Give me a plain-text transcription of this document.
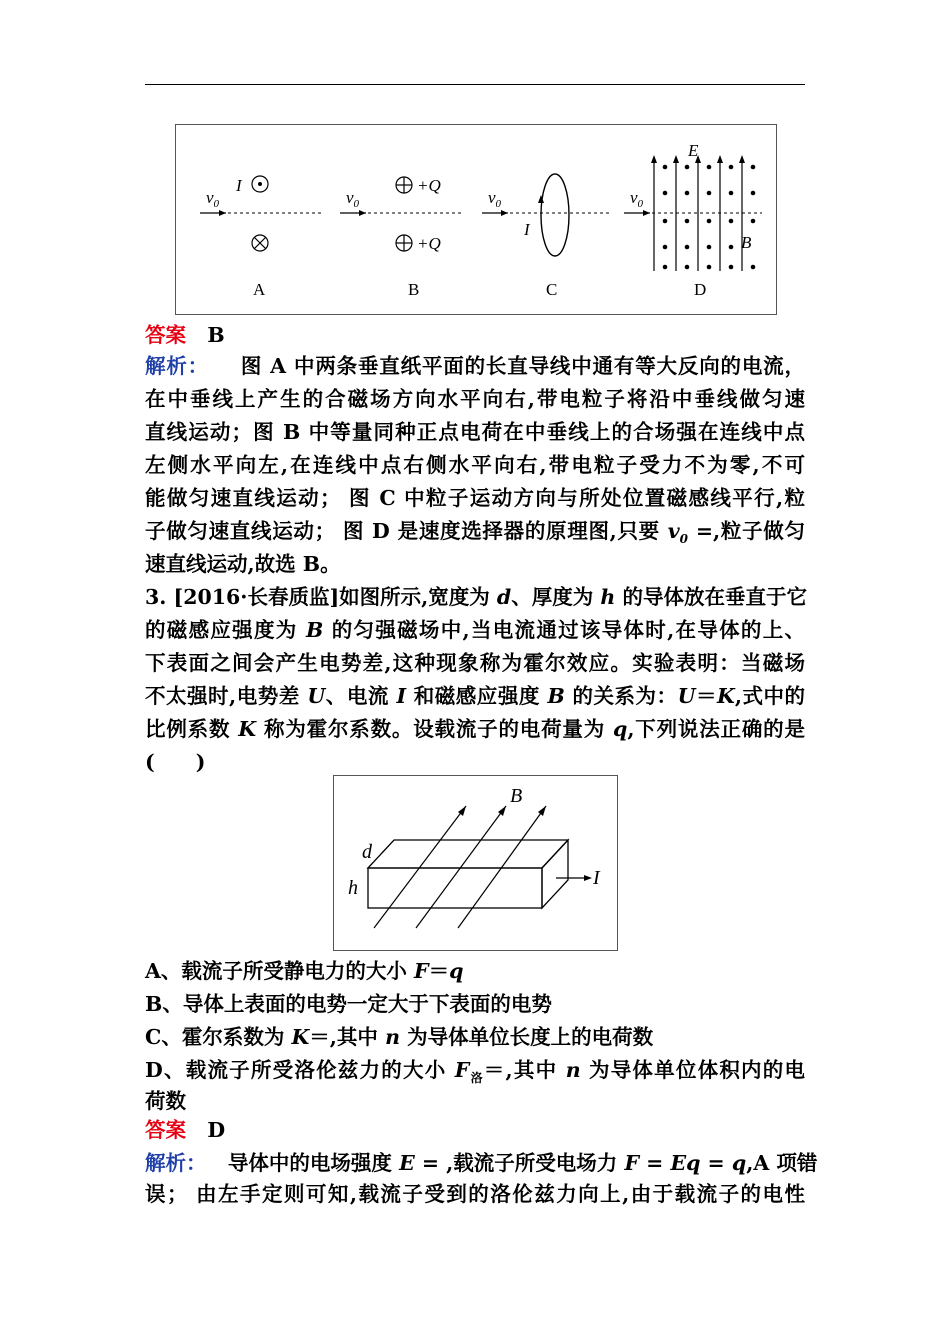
$v_0$
I
A
$v_0$
+Q
+Q
B
$v_0$
I
C
$v_0$
E
B
D
答案 B
解析： 图 A 中两条垂直纸平面的长直导线中通有等大反向的电流，
在中垂线上产生的合磁场方向水平向右,带电粒子将沿中垂线做匀速
直线运动；图 B 中等量同种正点电荷在中垂线上的合场强在连线中点
左侧水平向左,在连线中点右侧水平向右,带电粒子受力不为零,不可
能做匀速直线运动； 图 C 中粒子运动方向与所处位置磁感线平行,粒
子做匀速直线运动； 图 D 是速度选择器的原理图,只要 $v_0$ =,粒子做匀
速直线运动,故选 B。
3. [2016·长春质监]如图所示,宽度为 d、厚度为 h 的导体放在垂直于它
的磁感应强度为 B 的匀强磁场中,当电流通过该导体时,在导体的上、
下表面之间会产生电势差,这种现象称为霍尔效应。实验表明：当磁场
不太强时,电势差 U、电流 I 和磁感应强度 B 的关系为：U＝K,式中的
比例系数 K 称为霍尔系数。设载流子的电荷量为 q,下列说法正确的是
(　　)
B
d
h	I
A、载流子所受静电力的大小 F＝q
B、导体上表面的电势一定大于下表面的电势
C、霍尔系数为 K＝,其中 n 为导体单位长度上的电荷数
D、载流子所受洛伦兹力的大小 $F_洛=$,其中 n 为导体单位体积内的电
荷数
答案 D
解析： 导体中的电场强度 E = ,载流子所受电场力 F = Eq = q,A 项错
误； 由左手定则可知,载流子受到的洛伦兹力向上,由于载流子的电性
